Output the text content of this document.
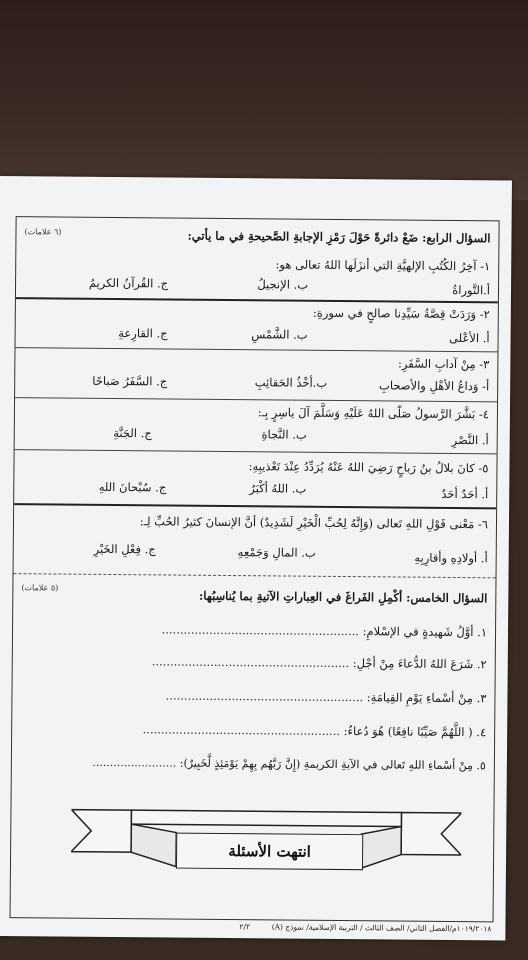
السؤال الرابع: ضَعْ دائرةً حَوْلَ رَمْزِ الإجابةِ الصَّحيحةِ في ما يأتي:
(٦ علامات)
١- آخِرُ الكُتُبِ الإلهيَّةِ التي أنزَلَها اللهُ تعالى هو:
أ.التَّوراةُ
ب. الإنجيلُ
ج. القُرآنُ الكريمُ
٢- وَرَدَتْ قِصَّةُ سَيِّدِنا صالحٍ في سورةِ:
أ. الأعْلى
ب. الشَّمْسِ
ج. القارِعةِ
٣- مِنْ آدابِ السَّفَرِ:
أ- وَداعُ الأهْلِ والأصحابِ
ب.أخْذُ الحَقائِبِ
ج. السَّفَرُ صَباحًا
٤- بَشَّرَ الرَّسولُ صَلّى اللهُ عَلَيْهِ وَسَلَّمَ آلَ ياسِرٍ بِـ:
أ. النَّصْرِ
ب. النَّجاةِ
ج. الجَنَّةِ
٥- كانَ بلالُ بنُ رَباحٍ رَضِيَ اللهُ عَنْهُ يُرَدِّدُ عِنْدَ تَعْذيبِهِ:
أ. أحَدٌ أحَدٌ
ب. اللهُ أكْبَرُ
ج. سُبْحانَ اللهِ
٦- مَعْنى قَوْلِ اللهِ تَعالى (وَإِنَّهُ لِحُبِّ الْخَيْرِ لَشَدِيدٌ) أنَّ الإنسانَ كثيرُ الحُبِّ لِـ:
أ. أولادِهِ وأقارِبِهِ
ب. المالِ وَجَمْعِهِ
ج. فِعْلِ الخَيْرِ
السؤال الخامس: أكْمِلِ الفَراغَ في العِباراتِ الآتيةِ بما يُناسِبُها:
(٥ علامات)
١. أوَّلُ شَهيدةٍ في الإسْلامِ: ......................................................
٢. شَرَعَ اللهُ الدُّعاءَ مِنْ أجْلِ: ......................................................
٣. مِنْ أسْماءِ يَوْمِ القِيامَةِ: ......................................................
٤. ( اللَّهُمَّ صَيِّبًا نافِعًا) هُوَ دُعاءُ: ......................................................
٥. مِنْ أسْماءِ اللهِ تَعالى في الآيةِ الكريمةِ (إِنَّ رَبَّهُم بِهِمْ يَوْمَئِذٍ لَّخَبِيرٌ): ........................
انتهت الأسئلة
١٠١٩/٢٠١٨م/الفصل الثاني/ الصف الثالث / التربية الإسلامية/ نموذج (A)
٢/٢
